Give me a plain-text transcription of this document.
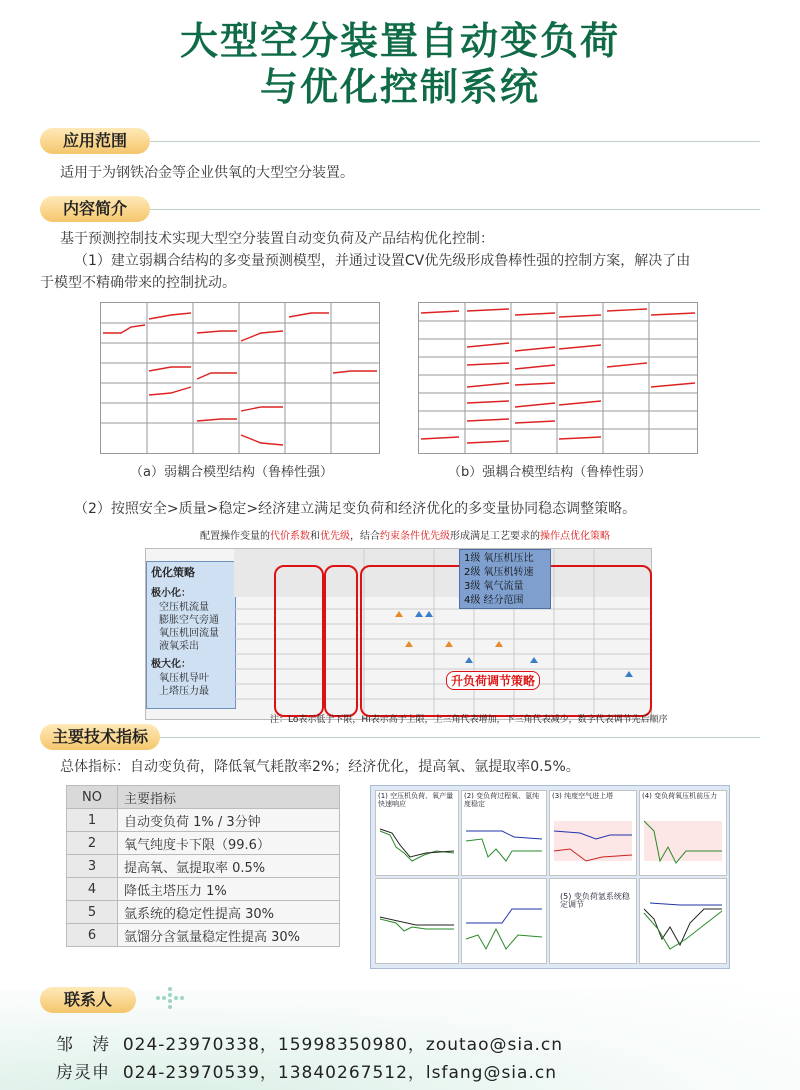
大型空分装置自动变负荷
与优化控制系统
应用范围
适用于为钢铁冶金等企业供氧的大型空分装置。
内容简介
基于预测控制技术实现大型空分装置自动变负荷及产品结构优化控制：
（1）建立弱耦合结构的多变量预测模型，并通过设置CV优先级形成鲁棒性强的控制方案，解决了由
于模型不精确带来的控制扰动。
（a）弱耦合模型结构（鲁棒性强）	（b）强耦合模型结构（鲁棒性弱）
（2）按照安全>质量>稳定>经济建立满足变负荷和经济优化的多变量协同稳态调整策略。
配置操作变量的代价系数和优先级，结合约束条件优先级形成满足工艺要求的操作点优化策略
优化策略
极小化：
空压机流量
膨胀空气旁通
氧压机回流量
液氧采出
极大化：
氧压机导叶
上塔压力最
1级 氧压机压比
2级 氧压机转速
3级 氧气流量
4级 经分范围
升负荷调节策略
注：Lo表示低于下限，Hi表示高于上限，上三角代表增加，下三角代表减少，数字代表调节先后顺序
主要技术指标
总体指标：自动变负荷，降低氧气耗散率2%；经济优化，提高氧、氩提取率0.5%。
NO	主要指标
1	自动变负荷 1% / 3分钟
2	氧气纯度卡下限（99.6）
3	提高氧、氩提取率 0.5%
4	降低主塔压力 1%
5	氩系统的稳定性提高 30%
6	氩馏分含氩量稳定性提高 30%
(1) 空压机负荷、氧产量快速响应
(2) 变负荷过程氧、氩纯度稳定
(3) 纯度空气进上塔	(4) 变负荷氧压机前压力
(5) 变负荷氩系统稳定调节
联系人
邹　涛 024-23970338，15998350980，zoutao@sia.cn
房灵申 024-23970539，13840267512，lsfang@sia.cn
